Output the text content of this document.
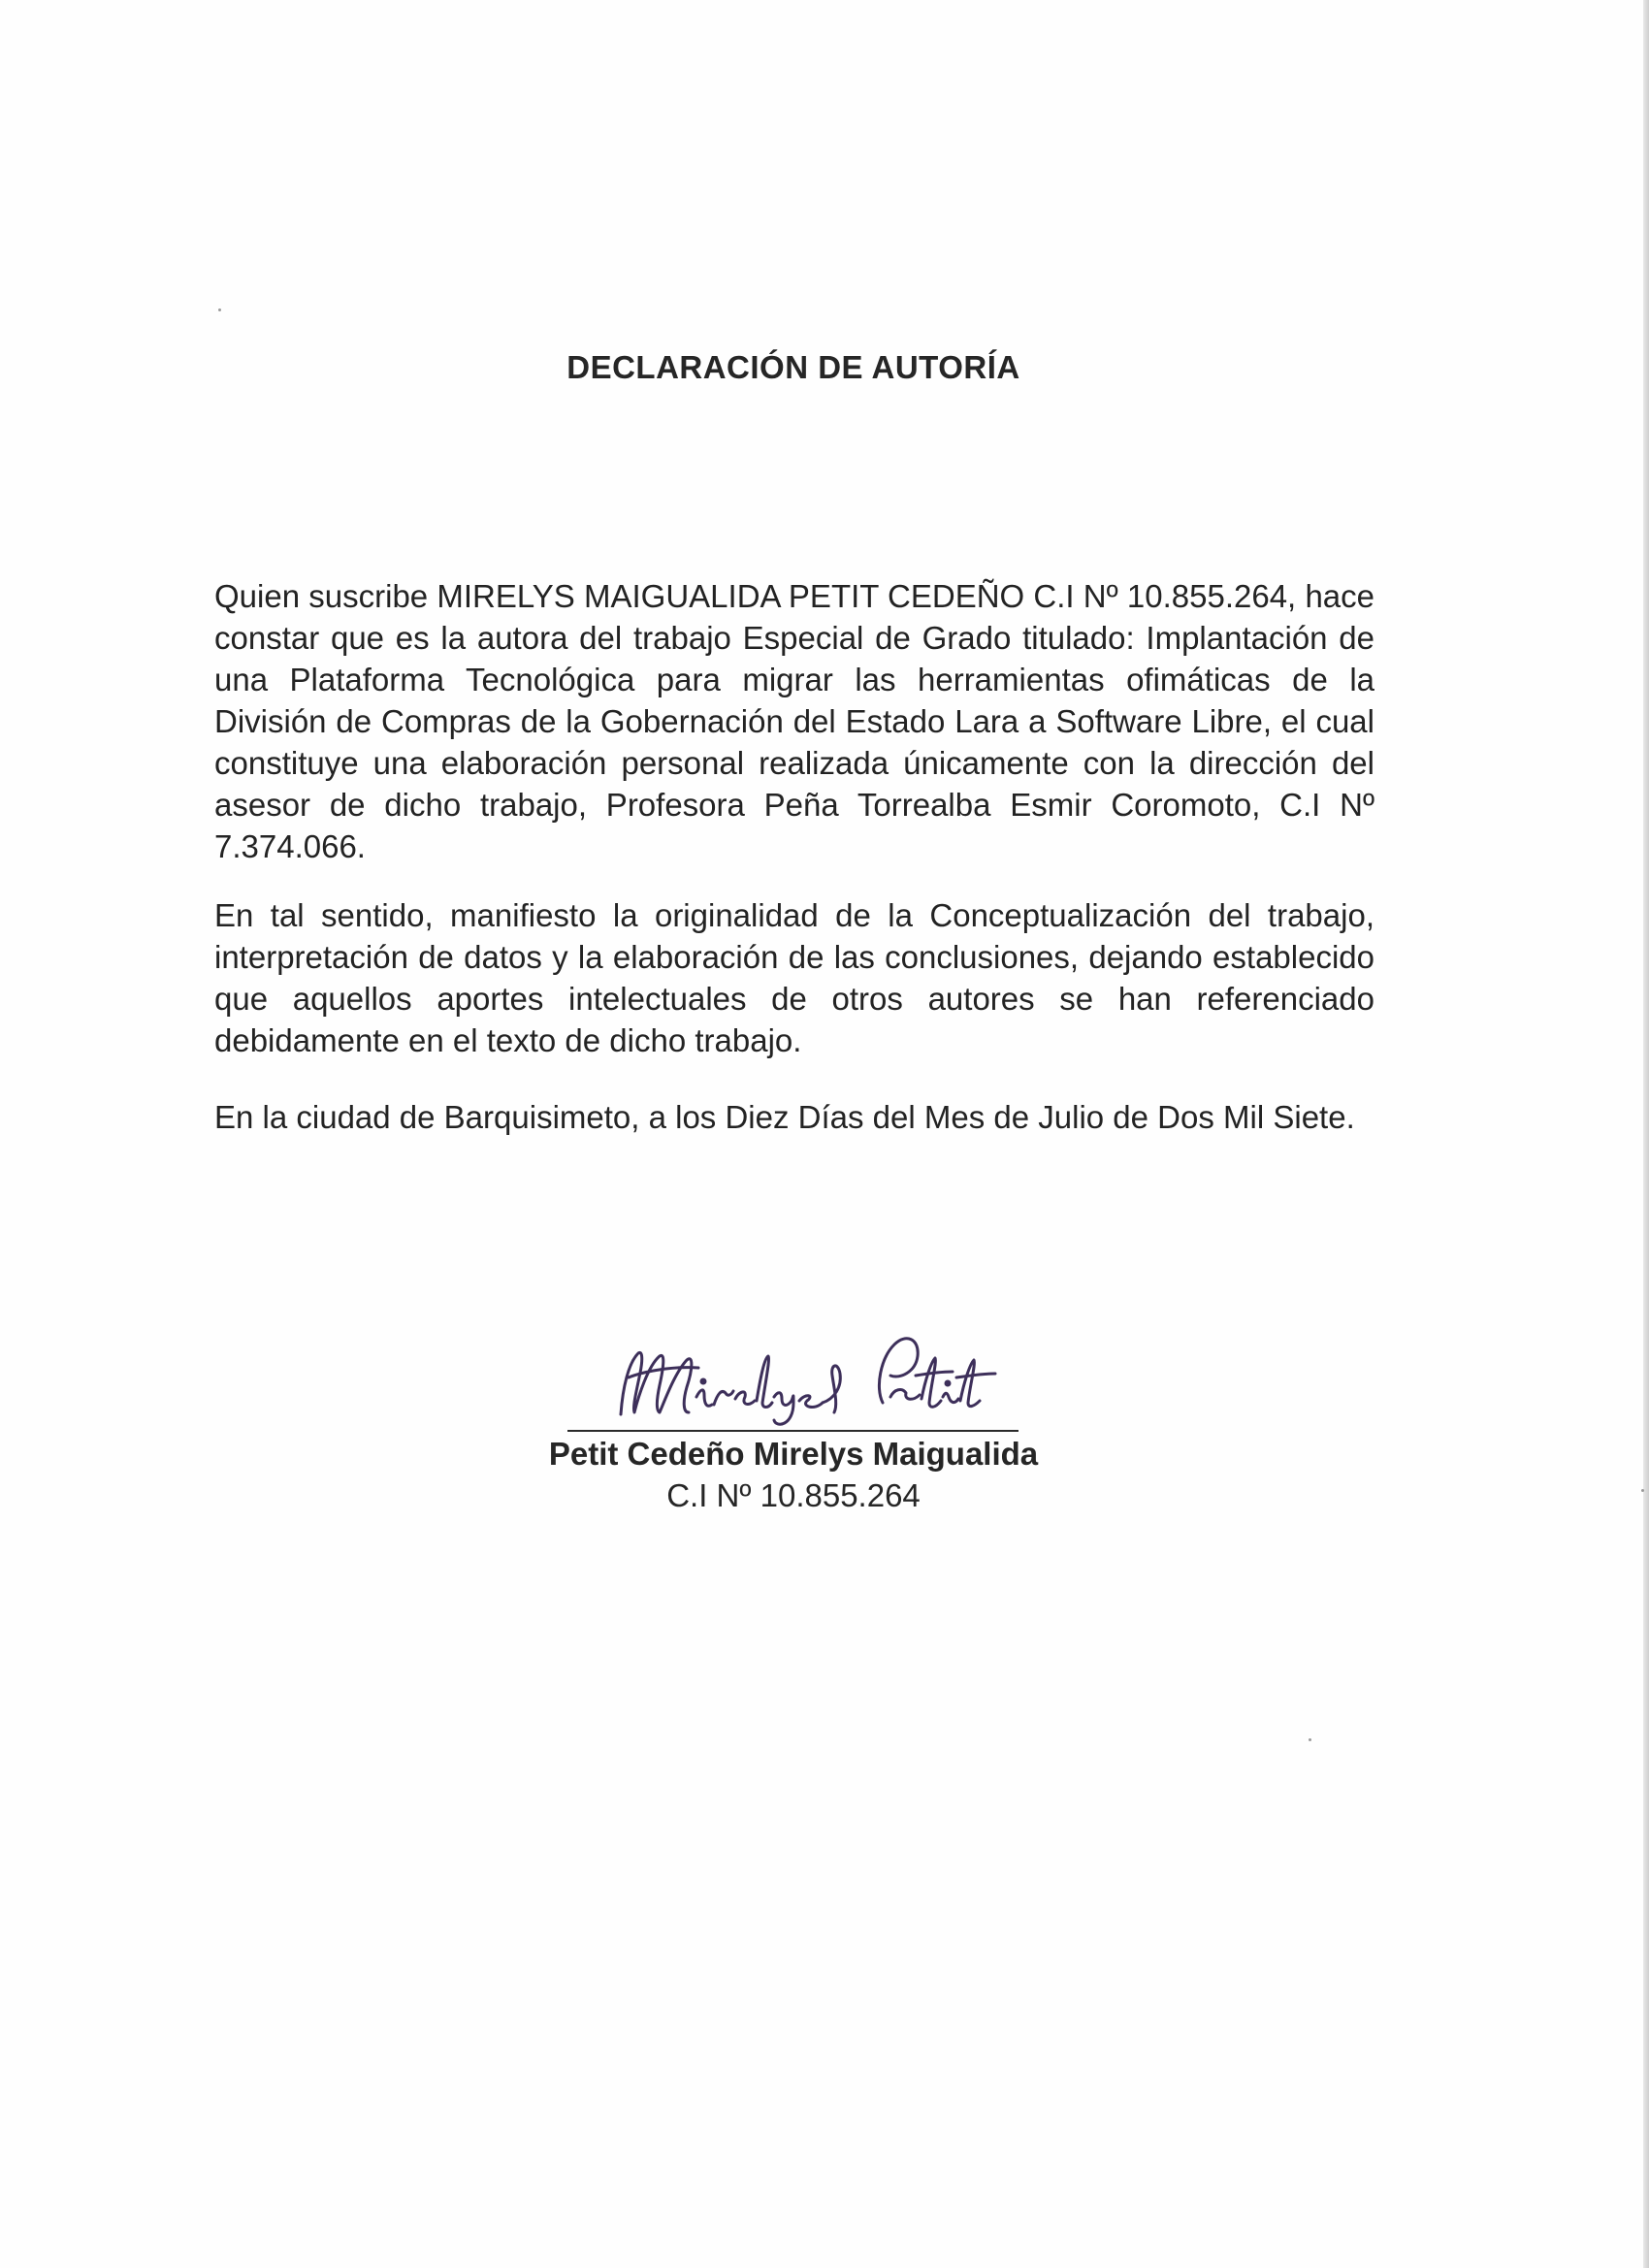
DECLARACIÓN DE AUTORÍA
Quien suscribe MIRELYS MAIGUALIDA PETIT CEDEÑO C.I Nº 10.855.264, hace constar que es la autora del trabajo Especial de Grado titulado: Implantación de una Plataforma Tecnológica para migrar las herramientas ofimáticas de la División de Compras de la Gobernación del Estado Lara a Software Libre, el cual constituye una elaboración personal realizada únicamente con la dirección del asesor de dicho trabajo, Profesora Peña Torrealba Esmir Coromoto, C.I Nº 7.374.066.
En tal sentido, manifiesto la originalidad de la Conceptualización del trabajo, interpretación de datos y la elaboración de las conclusiones, dejando establecido que aquellos aportes intelectuales de otros autores se han referenciado debidamente en el texto de dicho trabajo.
En la ciudad de Barquisimeto, a los Diez Días del Mes de Julio de Dos Mil Siete.
Petit Cedeño Mirelys Maigualida
C.I Nº 10.855.264
